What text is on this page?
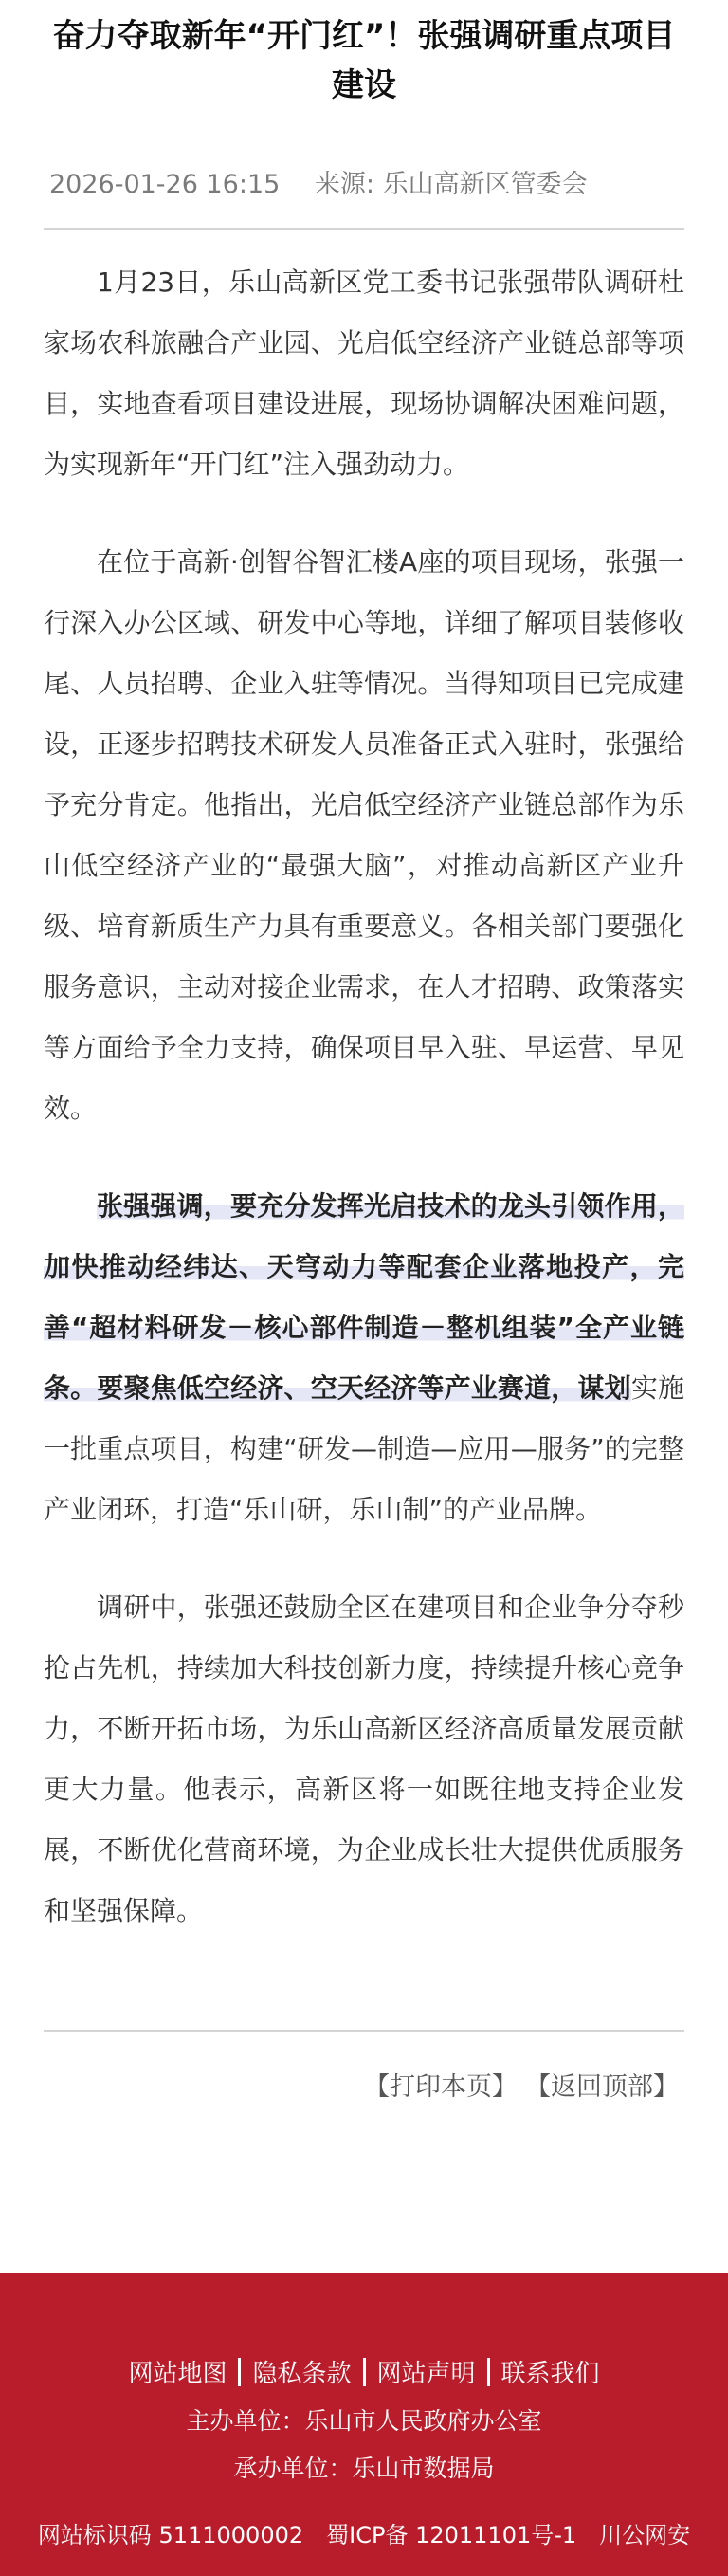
奋力夺取新年“开门红”！张强调研重点项目建设
2026-01-26 16:15 来源: 乐山高新区管委会

1月23日，乐山高新区党工委书记张强带队调研杜家场农科旅融合产业园、光启低空经济产业链总部等项目，实地查看项目建设进展，现场协调解决困难问题，为实现新年“开门红”注入强劲动力。

在位于高新·创智谷智汇楼A座的项目现场，张强一行深入办公区域、研发中心等地，详细了解项目装修收尾、人员招聘、企业入驻等情况。当得知项目已完成建设，正逐步招聘技术研发人员准备正式入驻时，张强给予充分肯定。他指出，光启低空经济产业链总部作为乐山低空经济产业的“最强大脑”，对推动高新区产业升级、培育新质生产力具有重要意义。各相关部门要强化服务意识，主动对接企业需求，在人才招聘、政策落实等方面给予全力支持，确保项目早入驻、早运营、早见效。

张强强调，要充分发挥光启技术的龙头引领作用，加快推动经纬达、天穹动力等配套企业落地投产，完善“超材料研发－核心部件制造－整机组装”全产业链条。要聚焦低空经济、空天经济等产业赛道，谋划实施一批重点项目，构建“研发—制造—应用—服务”的完整产业闭环，打造“乐山研，乐山制”的产业品牌。

调研中，张强还鼓励全区在建项目和企业争分夺秒抢占先机，持续加大科技创新力度，持续提升核心竞争力，不断开拓市场，为乐山高新区经济高质量发展贡献更大力量。他表示，高新区将一如既往地支持企业发展，不断优化营商环境，为企业成长壮大提供优质服务和坚强保障。

【打印本页】 【返回顶部】
网站地图 隐私条款 网站声明 联系我们
主办单位：乐山市人民政府办公室
承办单位：乐山市数据局
网站标识码 5111000002 蜀ICP备 12011101号-1 川公网安
